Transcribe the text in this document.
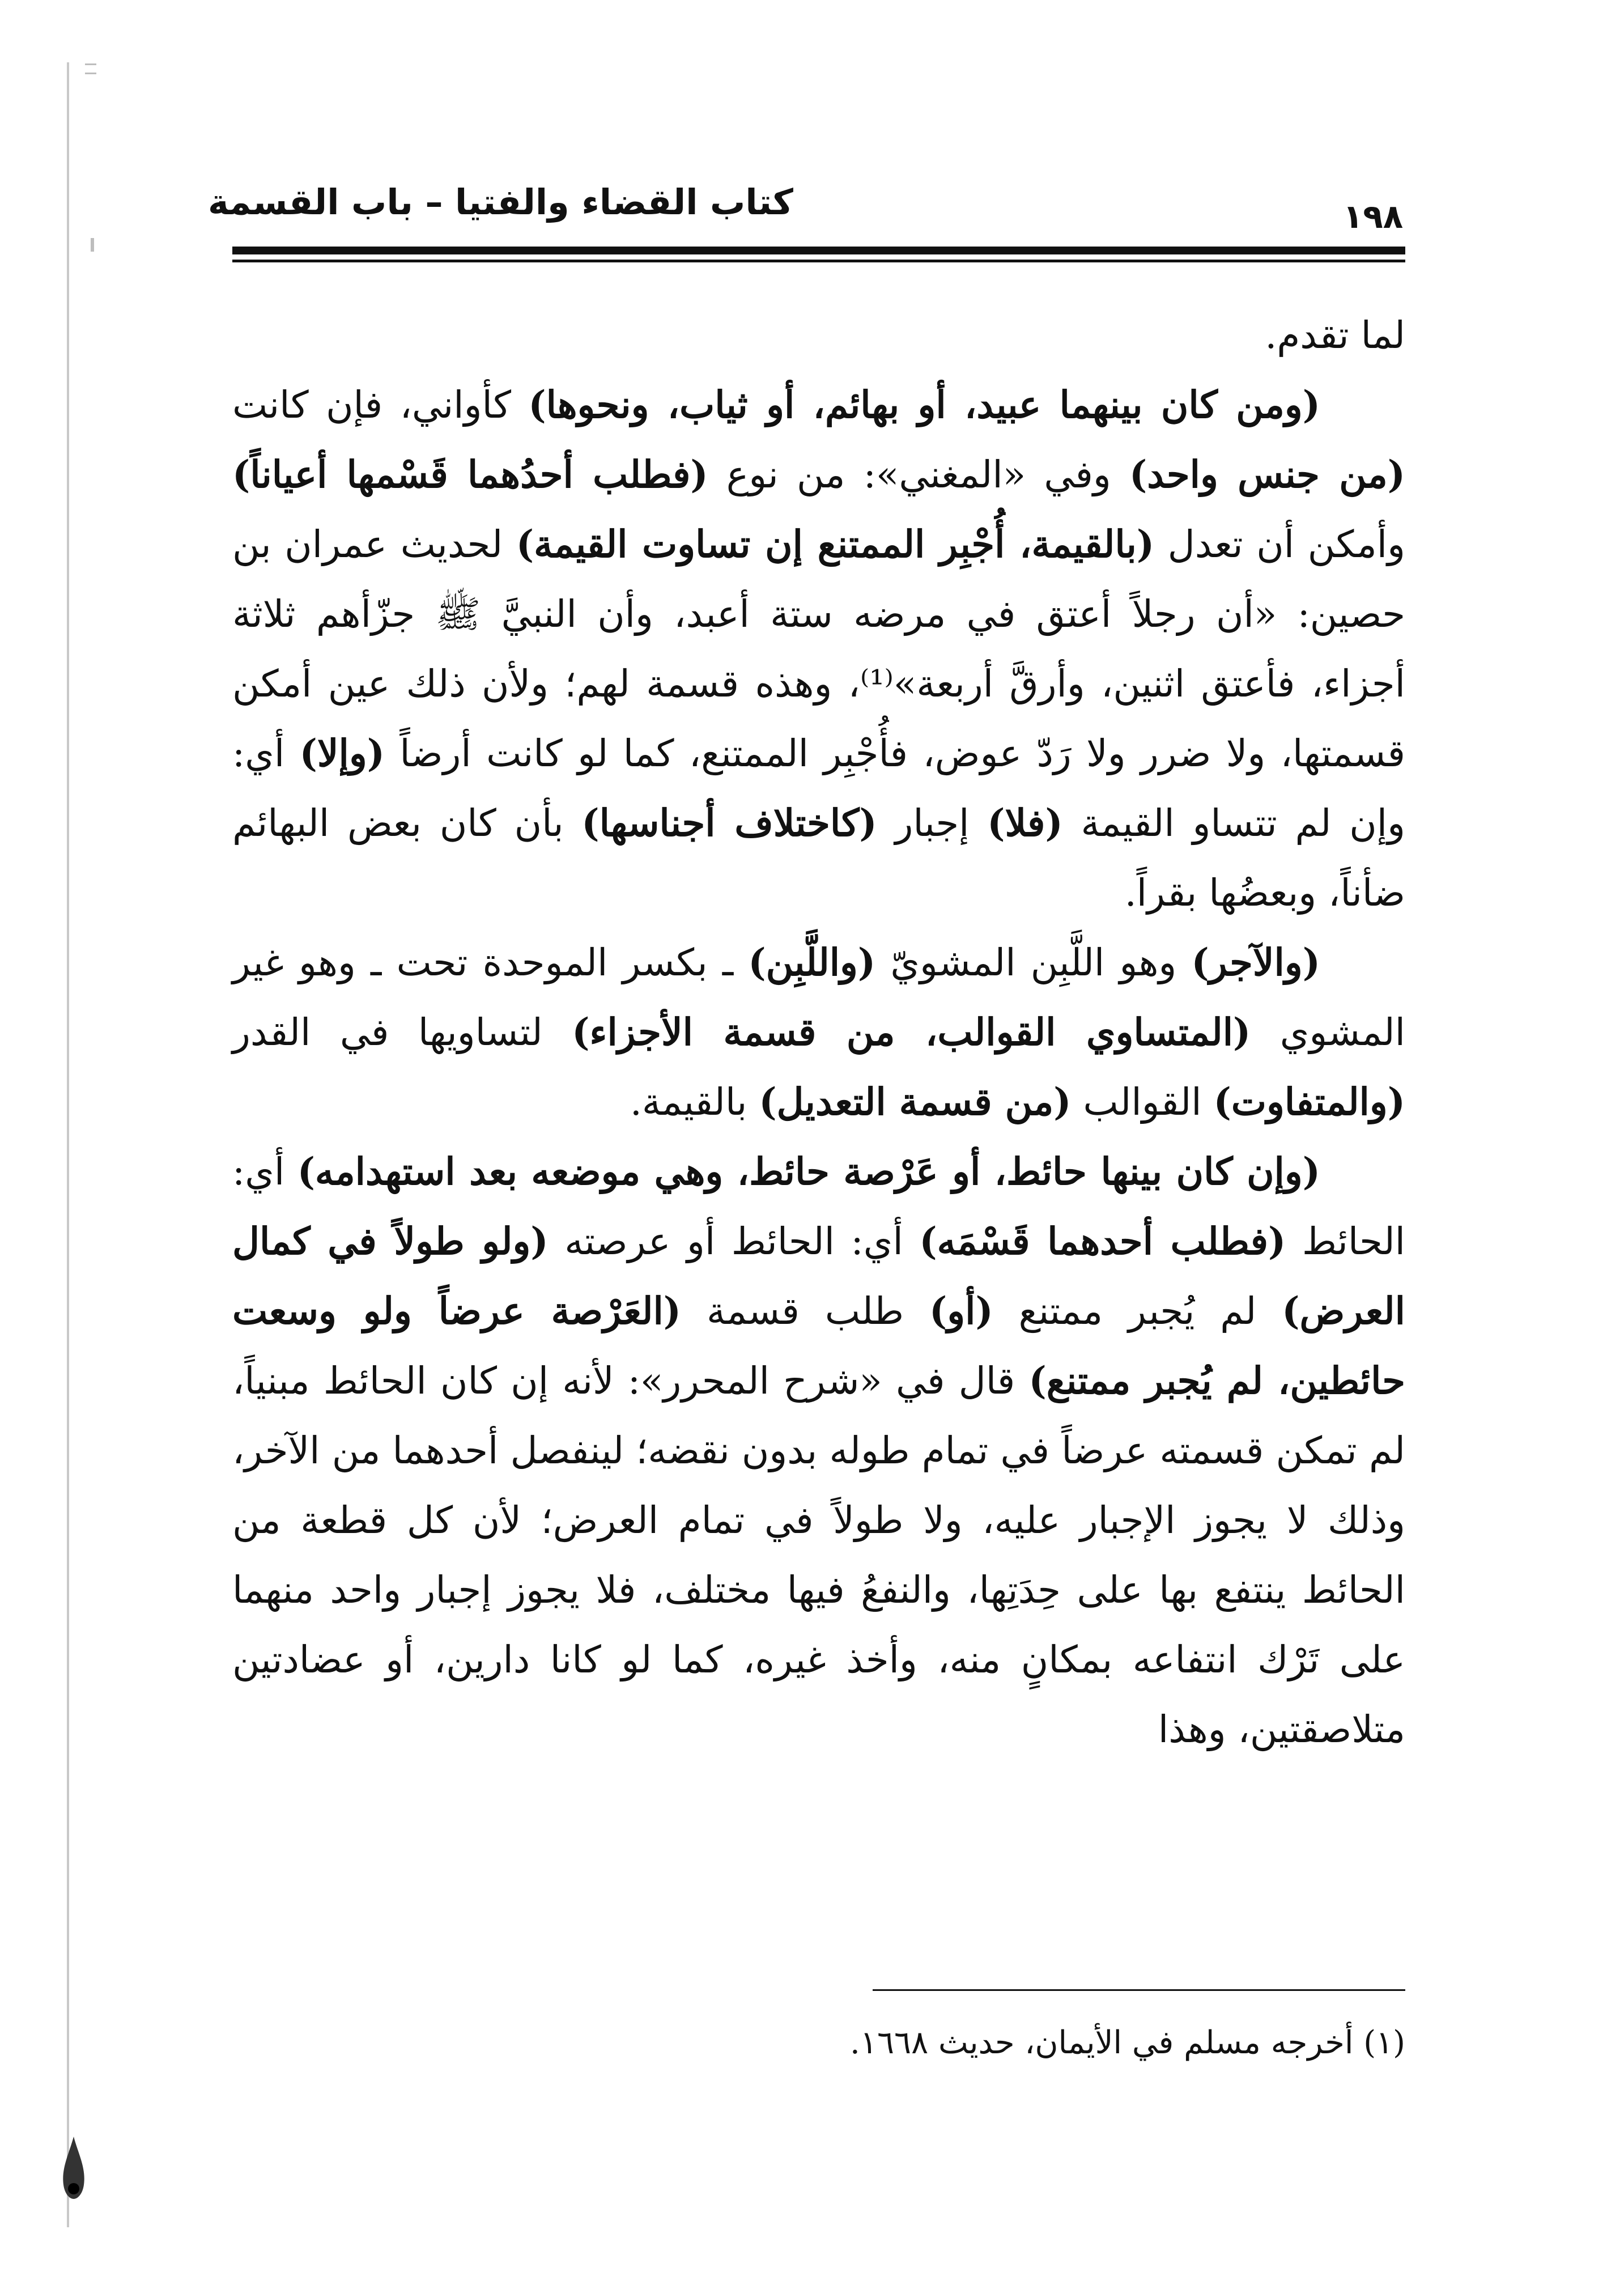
كتاب القضاء والفتيا – باب القسمة	١٩٨

لما تقدم.

(ومن كان بينهما عبيد، أو بهائم، أو ثياب، ونحوها) كأواني، فإن كانت (من جنس واحد) وفي «المغني»: من نوع (فطلب أحدُهما قَسْمها أعياناً) وأمكن أن تعدل (بالقيمة، أُجْبِر الممتنع إن تساوت القيمة) لحديث عمران بن حصين: «أن رجلاً أعتق في مرضه ستة أعبد، وأن النبيَّ ﷺ جزّأهم ثلاثة أجزاء، فأعتق اثنين، وأرقَّ أربعة»⁽¹⁾، وهذه قسمة لهم؛ ولأن ذلك عين أمكن قسمتها، ولا ضرر ولا رَدّ عوض، فأُجْبِر الممتنع، كما لو كانت أرضاً (وإلا) أي: وإن لم تتساو القيمة (فلا) إجبار (كاختلاف أجناسها) بأن كان بعض البهائم ضأناً، وبعضُها بقراً.

(والآجر) وهو اللَّبِن المشويّ (واللَّبِن) ـ بكسر الموحدة تحت ـ وهو غير المشوي (المتساوي القوالب، من قسمة الأجزاء) لتساويها في القدر (والمتفاوت) القوالب (من قسمة التعديل) بالقيمة.

(وإن كان بينها حائط، أو عَرْصة حائط، وهي موضعه بعد استهدامه) أي: الحائط (فطلب أحدهما قَسْمَه) أي: الحائط أو عرصته (ولو طولاً في كمال العرض) لم يُجبر ممتنع (أو) طلب قسمة (العَرْصة عرضاً ولو وسعت حائطين، لم يُجبر ممتنع) قال في «شرح المحرر»: لأنه إن كان الحائط مبنياً، لم تمكن قسمته عرضاً في تمام طوله بدون نقضه؛ لينفصل أحدهما من الآخر، وذلك لا يجوز الإجبار عليه، ولا طولاً في تمام العرض؛ لأن كل قطعة من الحائط ينتفع بها على حِدَتِها، والنفعُ فيها مختلف، فلا يجوز إجبار واحد منهما على تَرْك انتفاعه بمكانٍ منه، وأخذ غيره، كما لو كانا دارين، أو عضادتين متلاصقتين، وهذا

(١) أخرجه مسلم في الأيمان، حديث ١٦٦٨.
